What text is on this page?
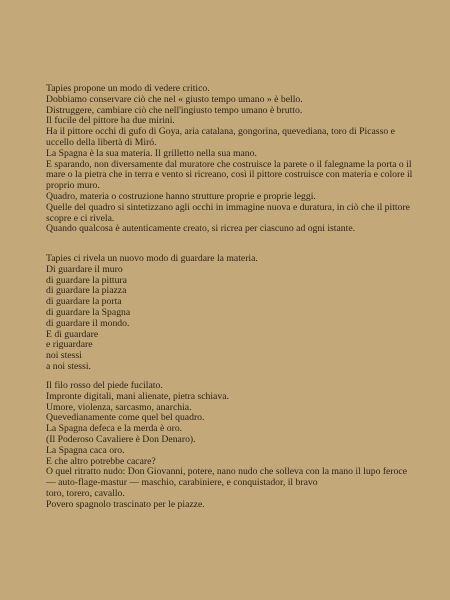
Tapies propone un modo di vedere critico.
Dobbiamo conservare ciò che nel « giusto tempo umano » è bello.
Distruggere, cambiare ciò che nell'ingiusto tempo umano è brutto.
Il fucile del pittore ha due mirini.
Ha il pittore occhi di gufo di Goya, aria catalana, gongorina, quevediana, toro di Picasso e uccello della libertà di Miró.
La Spagna è la sua materia. Il grilletto nella sua mano.
E sparando, non diversamente dal muratore che costruisce la parete o il falegname la porta o il mare o la pietra che in terra e vento si ricreano, così il pittore costruisce con materia e colore il proprio muro.
Quadro, materia o costruzione hanno strutture proprie e proprie leggi.
Quelle del quadro si sintetizzano agli occhi in immagine nuova e duratura, in ciò che il pittore scopre e ci rivela.
Quando qualcosa è autenticamente creato, si ricrea per ciascuno ad ogni istante.
Tapies ci rivela un nuovo modo di guardare la materia.
Di guardare il muro
di guardare la pittura
di guardare la piazza
di guardare la porta
di guardare la Spagna
di guardare il mondo.
E di guardare
e riguardare
noi stessi
a noi stessi.
Il filo rosso del piede fucilato.
Impronte digitali, mani alienate, pietra schiava.
Umore, violenza, sarcasmo, anarchia.
Quevedianamente come quel bel quadro.
La Spagna defeca e la merda è oro.
(Il Poderoso Cavaliere è Don Denaro).
La Spagna caca oro.
E che altro potrebbe cacare?
O quel ritratto nudo: Don Giovanni, potere, nano nudo che solleva con la mano il lupo feroce — auto-flage-mastur — maschio, carabiniere, e conquistador, il bravo
toro, torero, cavallo.
Povero spagnolo trascinato per le piazze.
